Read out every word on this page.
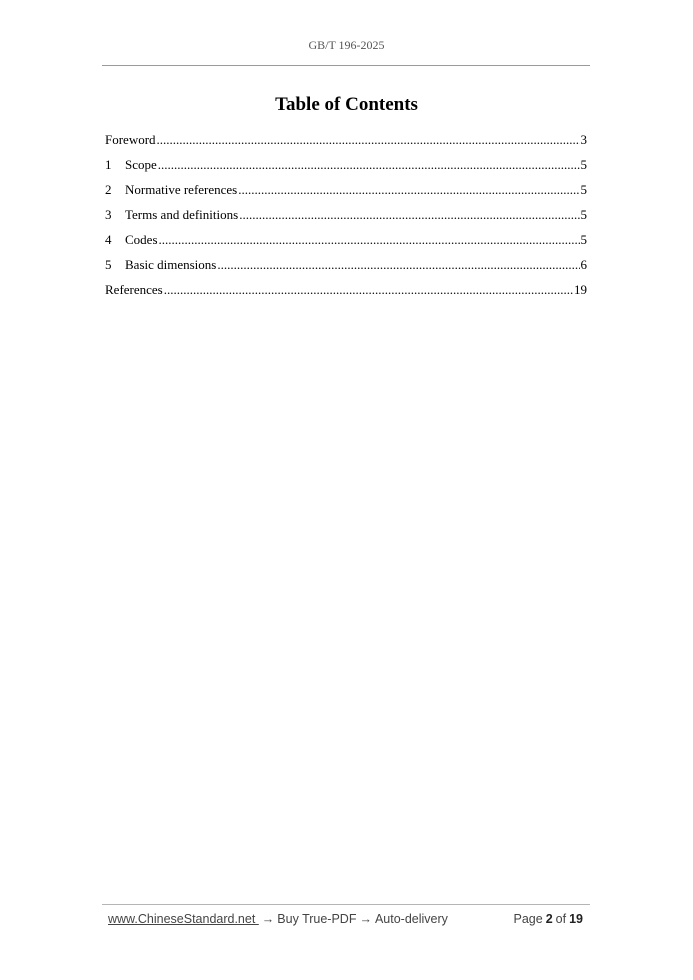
GB/T 196-2025
Table of Contents
Foreword .....	3
1	Scope .....	5
2	Normative references .....	5
3	Terms and definitions .....	5
4	Codes .....	5
5	Basic dimensions .....	6
References .....	19
www.ChineseStandard.net → Buy True-PDF → Auto-delivery	Page 2 of 19
